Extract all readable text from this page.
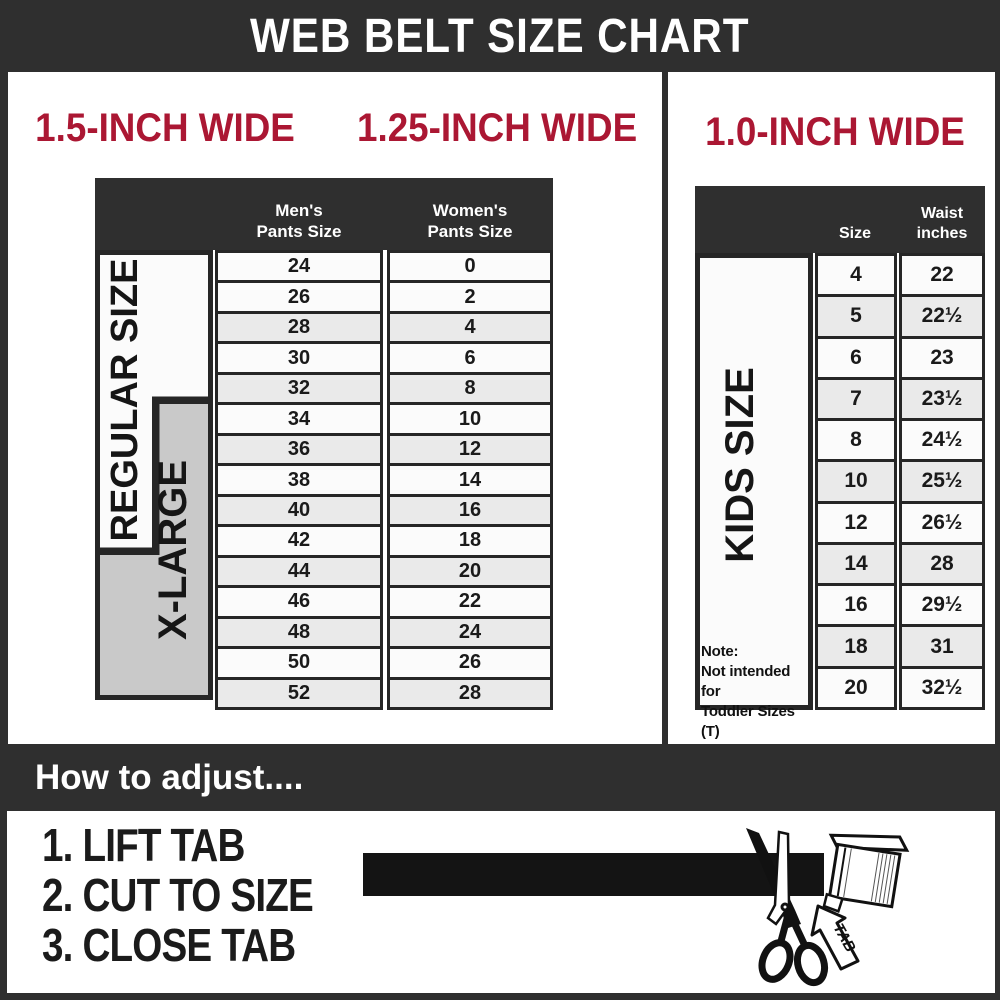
WEB BELT SIZE CHART
1.5-INCH WIDE 1.25-INCH WIDE 1.0-INCH WIDE
Men's
Pants Size
Women's
Pants Size
REGULAR SIZE
X-LARGE
24
26
28
30
32
34
36
38
40
42
44
46
48
50
52
0
2
4
6
8
10
12
14
16
18
20
22
24
26
28
Size
Waist
inches
KIDS SIZE
Note:
Not intended for
Toddler Sizes (T)
4
5
6
7
8
10
12
14
16
18
20
22
22½
23
23½
24½
25½
26½
28
29½
31
32½
How to adjust....
1. LIFT TAB
2. CUT TO SIZE
3. CLOSE TAB	TAB
